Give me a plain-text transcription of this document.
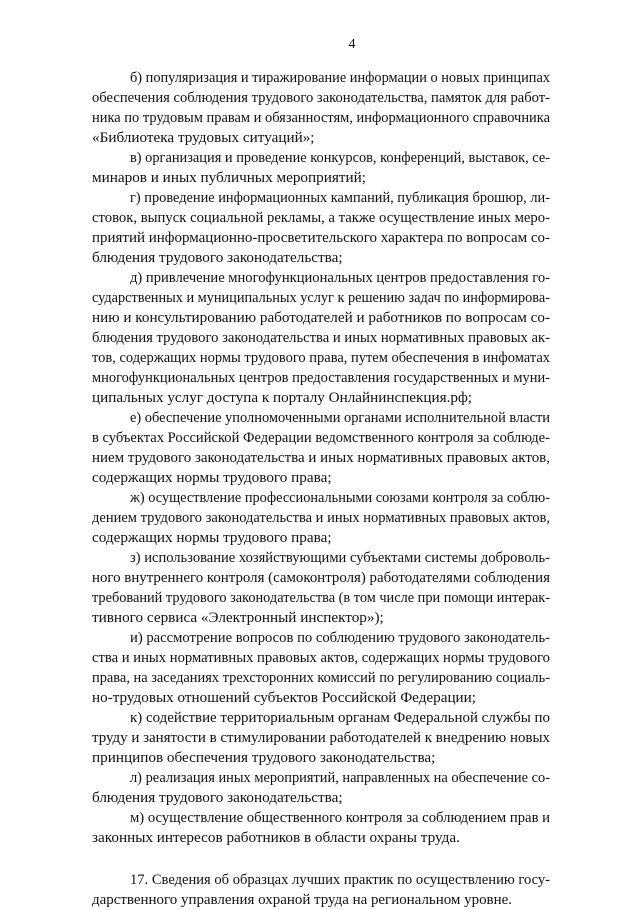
4
б) популяризация и тиражирование информации о новых принципах
обеспечения соблюдения трудового законодательства, памяток для работ-
ника по трудовым правам и обязанностям, информационного справочника
«Библиотека трудовых ситуаций»;
в) организация и проведение конкурсов, конференций, выставок, се-
минаров и иных публичных мероприятий;
г) проведение информационных кампаний, публикация брошюр, ли-
стовок, выпуск социальной рекламы, а также осуществление иных меро-
приятий информационно-просветительского характера по вопросам со-
блюдения трудового законодательства;
д) привлечение многофункциональных центров предоставления го-
сударственных и муниципальных услуг к решению задач по информирова-
нию и консультированию работодателей и работников по вопросам со-
блюдения трудового законодательства и иных нормативных правовых ак-
тов, содержащих нормы трудового права, путем обеспечения в инфоматах
многофункциональных центров предоставления государственных и муни-
ципальных услуг доступа к порталу Онлайнинспекция.рф;
е) обеспечение уполномоченными органами исполнительной власти
в субъектах Российской Федерации ведомственного контроля за соблюде-
нием трудового законодательства и иных нормативных правовых актов,
содержащих нормы трудового права;
ж) осуществление профессиональными союзами контроля за соблю-
дением трудового законодательства и иных нормативных правовых актов,
содержащих нормы трудового права;
з) использование хозяйствующими субъектами системы доброволь-
ного внутреннего контроля (самоконтроля) работодателями соблюдения
требований трудового законодательства (в том числе при помощи интерак-
тивного сервиса «Электронный инспектор»);
и) рассмотрение вопросов по соблюдению трудового законодатель-
ства и иных нормативных правовых актов, содержащих нормы трудового
права, на заседаниях трехсторонних комиссий по регулированию социаль-
но-трудовых отношений субъектов Российской Федерации;
к) содействие территориальным органам Федеральной службы по
труду и занятости в стимулировании работодателей к внедрению новых
принципов обеспечения трудового законодательства;
л) реализация иных мероприятий, направленных на обеспечение со-
блюдения трудового законодательства;
м) осуществление общественного контроля за соблюдением прав и
законных интересов работников в области охраны труда.
17. Сведения об образцах лучших практик по осуществлению госу-
дарственного управления охраной труда на региональном уровне.
